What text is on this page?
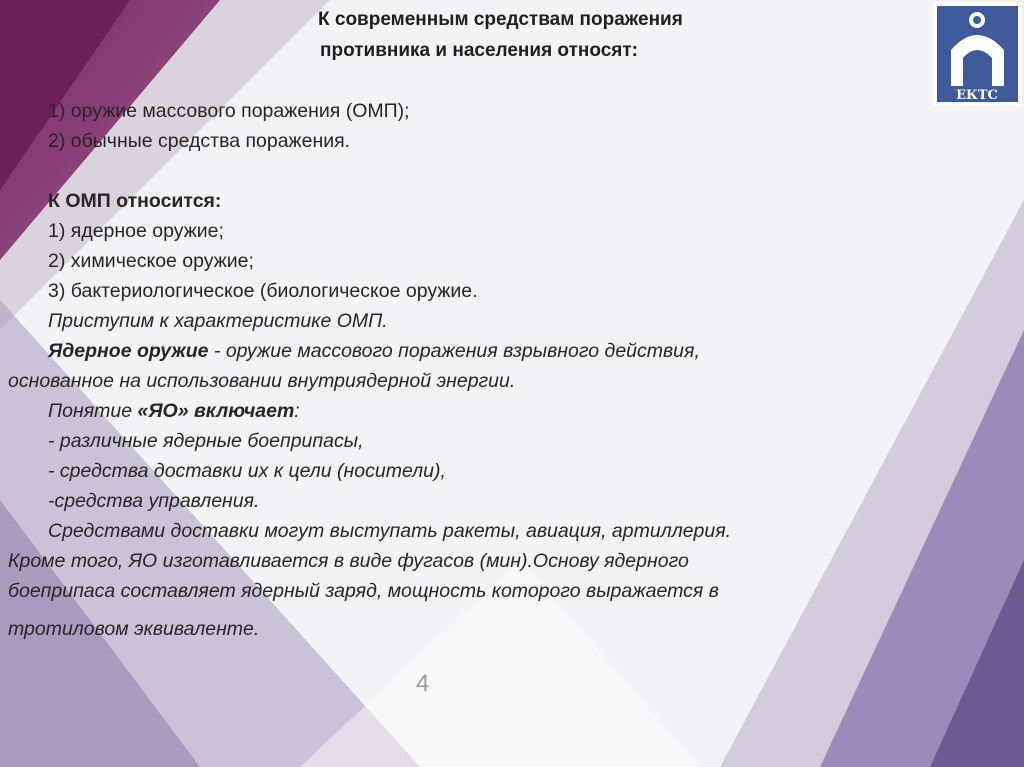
К современным средствам поражения
противника и населения относят:
ЕКТС
1) оружие массового поражения (ОМП);
2) обычные средства поражения.
К ОМП относится:
1) ядерное оружие;
2) химическое оружие;
3) бактериологическое (биологическое оружие.
Приступим к характеристике ОМП.
Ядерное оружие - оружие массового поражения взрывного действия,
основанное на использовании внутриядерной энергии.
Понятие «ЯО» включает:
- различные ядерные боеприпасы,
- средства доставки их к цели (носители),
-средства управления.
Средствами доставки могут выступать ракеты, авиация, артиллерия.
Кроме того, ЯО изготавливается в виде фугасов (мин).Основу ядерного
боеприпаса составляет ядерный заряд, мощность которого выражается в
тротиловом эквиваленте.
4
